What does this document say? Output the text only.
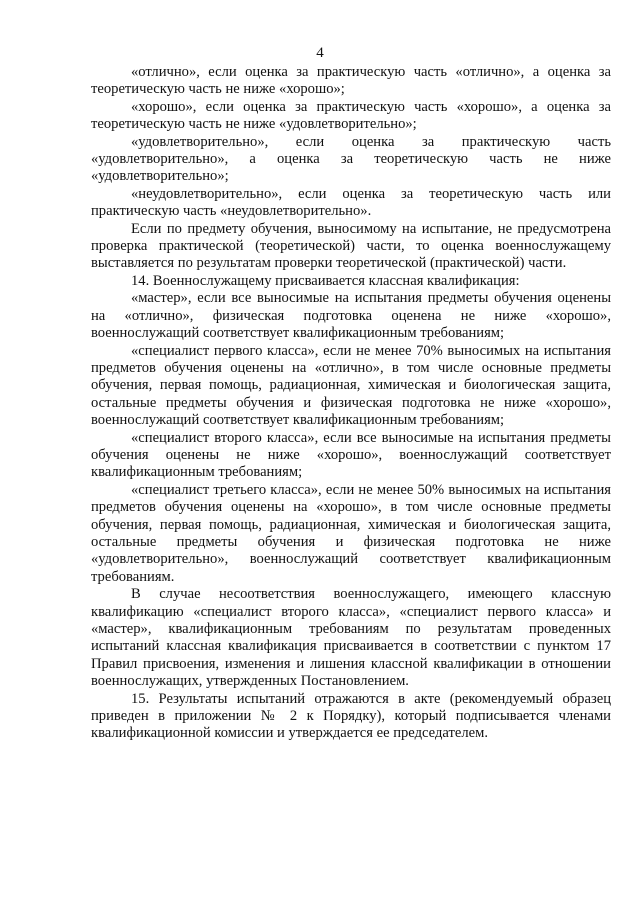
4

«отлично», если оценка за практическую часть «отлично», а оценка за теоретическую часть не ниже «хорошо»;

«хорошо», если оценка за практическую часть «хорошо», а оценка за теоретическую часть не ниже «удовлетворительно»;

«удовлетворительно», если оценка за практическую часть «удовлетворительно», а оценка за теоретическую часть не ниже «удовлетворительно»;

«неудовлетворительно», если оценка за теоретическую часть или практическую часть «неудовлетворительно».

Если по предмету обучения, выносимому на испытание, не предусмотрена проверка практической (теоретической) части, то оценка военнослужащему выставляется по результатам проверки теоретической (практической) части.

14. Военнослужащему присваивается классная квалификация:

«мастер», если все выносимые на испытания предметы обучения оценены на «отлично», физическая подготовка оценена не ниже «хорошо», военнослужащий соответствует квалификационным требованиям;

«специалист первого класса», если не менее 70% выносимых на испытания предметов обучения оценены на «отлично», в том числе основные предметы обучения, первая помощь, радиационная, химическая и биологическая защита, остальные предметы обучения и физическая подготовка не ниже «хорошо», военнослужащий соответствует квалификационным требованиям;

«специалист второго класса», если все выносимые на испытания предметы обучения оценены не ниже «хорошо», военнослужащий соответствует квалификационным требованиям;

«специалист третьего класса», если не менее 50% выносимых на испытания предметов обучения оценены на «хорошо», в том числе основные предметы обучения, первая помощь, радиационная, химическая и биологическая защита, остальные предметы обучения и физическая подготовка не ниже «удовлетворительно», военнослужащий соответствует квалификационным требованиям.

В случае несоответствия военнослужащего, имеющего классную квалификацию «специалист второго класса», «специалист первого класса» и «мастер», квалификационным требованиям по результатам проведенных испытаний классная квалификация присваивается в соответствии с пунктом 17 Правил присвоения, изменения и лишения классной квалификации в отношении военнослужащих, утвержденных Постановлением.

15. Результаты испытаний отражаются в акте (рекомендуемый образец приведен в приложении № 2 к Порядку), который подписывается членами квалификационной комиссии и утверждается ее председателем.
